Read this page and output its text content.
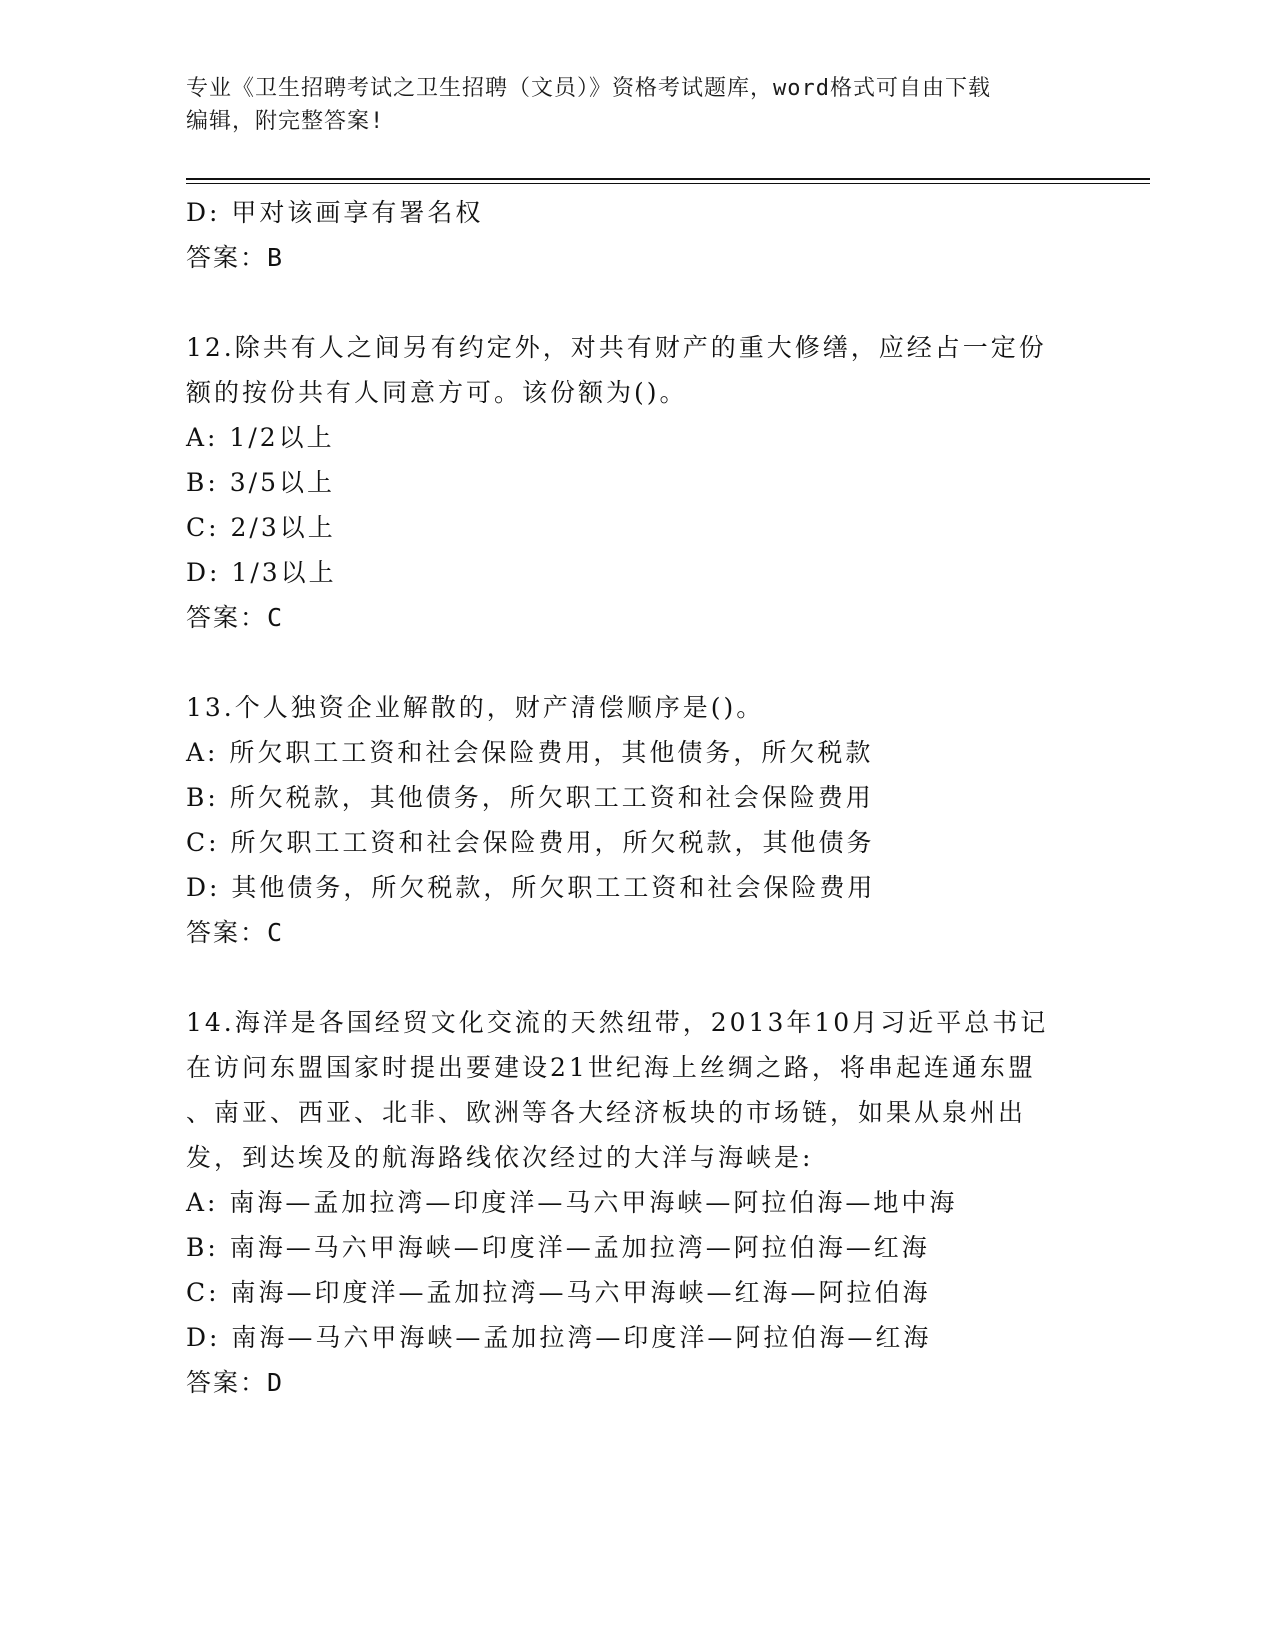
专业《卫生招聘考试之卫生招聘（文员）》资格考试题库，word格式可自由下载
编辑，附完整答案!
D: 甲对该画享有署名权
答案：B
12.除共有人之间另有约定外，对共有财产的重大修缮，应经占一定份
额的按份共有人同意方可。该份额为()。
A: 1/2以上
B: 3/5以上
C: 2/3以上
D: 1/3以上
答案：C
13.个人独资企业解散的，财产清偿顺序是()。
A: 所欠职工工资和社会保险费用，其他债务，所欠税款
B: 所欠税款，其他债务，所欠职工工资和社会保险费用
C: 所欠职工工资和社会保险费用，所欠税款，其他债务
D: 其他债务，所欠税款，所欠职工工资和社会保险费用
答案：C
14.海洋是各国经贸文化交流的天然纽带，2013年10月习近平总书记
在访问东盟国家时提出要建设21世纪海上丝绸之路，将串起连通东盟
、南亚、西亚、北非、欧洲等各大经济板块的市场链，如果从泉州出
发，到达埃及的航海路线依次经过的大洋与海峡是:
A: 南海—孟加拉湾—印度洋—马六甲海峡—阿拉伯海—地中海
B: 南海—马六甲海峡—印度洋—孟加拉湾—阿拉伯海—红海
C: 南海—印度洋—孟加拉湾—马六甲海峡—红海—阿拉伯海
D: 南海—马六甲海峡—孟加拉湾—印度洋—阿拉伯海—红海
答案：D
